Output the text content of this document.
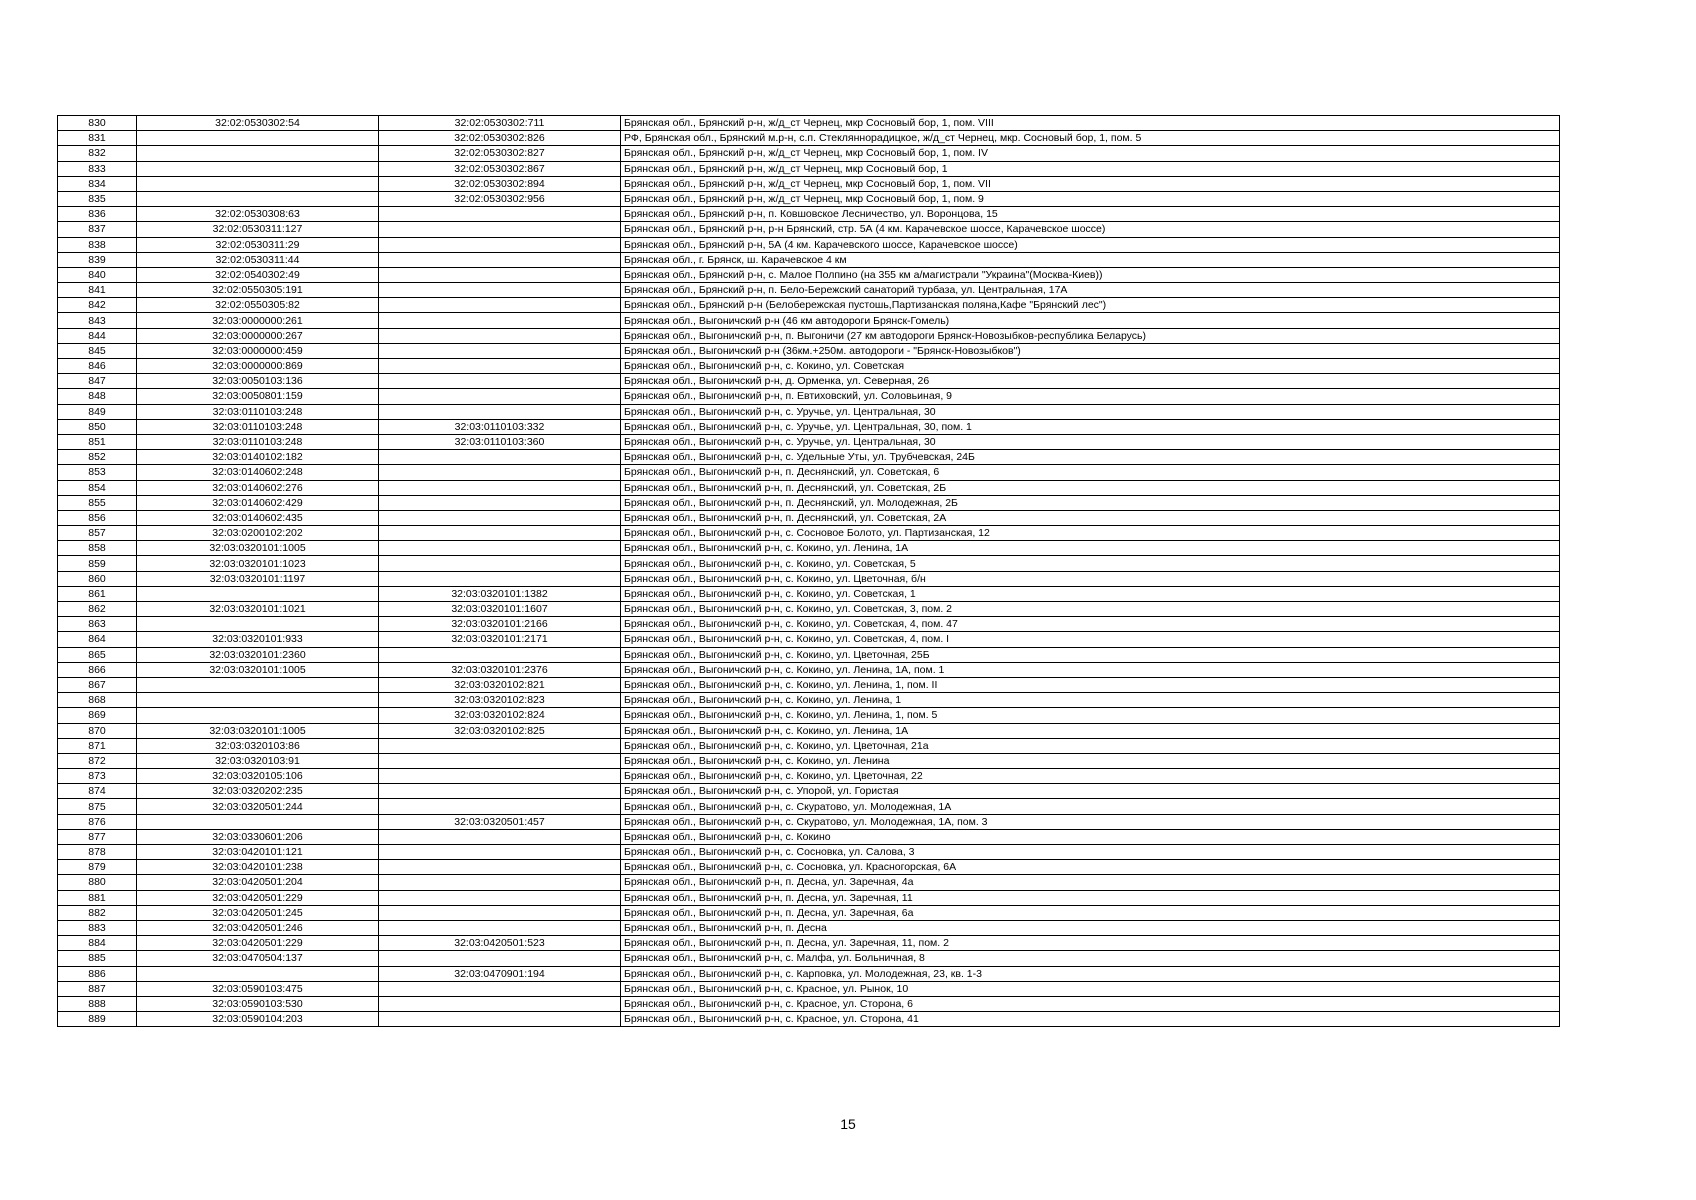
830	32:02:0530302:54	32:02:0530302:711	Брянская обл., Брянский р-н, ж/д_ст Чернец, мкр Сосновый бор, 1, пом. VIII
831		32:02:0530302:826	РФ, Брянская обл., Брянский м.р-н, с.п. Стекляннорадицкое, ж/д_ст Чернец, мкр. Сосновый бор, 1, пом. 5
832		32:02:0530302:827	Брянская обл., Брянский р-н, ж/д_ст Чернец, мкр Сосновый бор, 1, пом. IV
833		32:02:0530302:867	Брянская обл., Брянский р-н, ж/д_ст Чернец, мкр Сосновый бор, 1
834		32:02:0530302:894	Брянская обл., Брянский р-н, ж/д_ст Чернец, мкр Сосновый бор, 1, пом. VII
835		32:02:0530302:956	Брянская обл., Брянский р-н, ж/д_ст Чернец, мкр Сосновый бор, 1, пом. 9
836	32:02:0530308:63		Брянская обл., Брянский р-н, п. Ковшовское Лесничество, ул. Воронцова, 15
837	32:02:0530311:127		Брянская обл., Брянский р-н, р-н Брянский, стр. 5А (4 км. Карачевское шоссе, Карачевское шоссе)
838	32:02:0530311:29		Брянская обл., Брянский р-н, 5А (4 км. Карачевского шоссе, Карачевское шоссе)
839	32:02:0530311:44		Брянская обл., г. Брянск, ш. Карачевское 4 км
840	32:02:0540302:49		Брянская обл., Брянский р-н, с. Малое Полпино (на 355 км а/магистрали "Украина"(Москва-Киев))
841	32:02:0550305:191		Брянская обл., Брянский р-н, п. Бело-Бережский санаторий турбаза, ул. Центральная, 17А
842	32:02:0550305:82		Брянская обл., Брянский р-н (Белобережская пустошь,Партизанская поляна,Кафе "Брянский лес")
843	32:03:0000000:261		Брянская обл., Выгоничский р-н (46 км автодороги Брянск-Гомель)
844	32:03:0000000:267		Брянская обл., Выгоничский р-н, п. Выгоничи (27 км автодороги Брянск-Новозыбков-республика Беларусь)
845	32:03:0000000:459		Брянская обл., Выгоничский р-н (36км.+250м. автодороги - "Брянск-Новозыбков")
846	32:03:0000000:869		Брянская обл., Выгоничский р-н, с. Кокино, ул. Советская
847	32:03:0050103:136		Брянская обл., Выгоничский р-н, д. Орменка, ул. Северная, 26
848	32:03:0050801:159		Брянская обл., Выгоничский р-н, п. Евтиховский, ул. Соловьиная, 9
849	32:03:0110103:248		Брянская обл., Выгоничский р-н, с. Уручье, ул. Центральная, 30
850	32:03:0110103:248	32:03:0110103:332	Брянская обл., Выгоничский р-н, с. Уручье, ул. Центральная, 30, пом. 1
851	32:03:0110103:248	32:03:0110103:360	Брянская обл., Выгоничский р-н, с. Уручье, ул. Центральная, 30
852	32:03:0140102:182		Брянская обл., Выгоничский р-н, с. Удельные Уты, ул. Трубчевская, 24Б
853	32:03:0140602:248		Брянская обл., Выгоничский р-н, п. Деснянский, ул. Советская, 6
854	32:03:0140602:276		Брянская обл., Выгоничский р-н, п. Деснянский, ул. Советская, 2Б
855	32:03:0140602:429		Брянская обл., Выгоничский р-н, п. Деснянский, ул. Молодежная, 2Б
856	32:03:0140602:435		Брянская обл., Выгоничский р-н, п. Деснянский, ул. Советская, 2А
857	32:03:0200102:202		Брянская обл., Выгоничский р-н, с. Сосновое Болото, ул. Партизанская, 12
858	32:03:0320101:1005		Брянская обл., Выгоничский р-н, с. Кокино, ул. Ленина, 1А
859	32:03:0320101:1023		Брянская обл., Выгоничский р-н, с. Кокино, ул. Советская, 5
860	32:03:0320101:1197		Брянская обл., Выгоничский р-н, с. Кокино, ул. Цветочная, б/н
861		32:03:0320101:1382	Брянская обл., Выгоничский р-н, с. Кокино, ул. Советская, 1
862	32:03:0320101:1021	32:03:0320101:1607	Брянская обл., Выгоничский р-н, с. Кокино, ул. Советская, 3, пом. 2
863		32:03:0320101:2166	Брянская обл., Выгоничский р-н, с. Кокино, ул. Советская, 4, пом. 47
864	32:03:0320101:933	32:03:0320101:2171	Брянская обл., Выгоничский р-н, с. Кокино, ул. Советская, 4, пом. I
865	32:03:0320101:2360		Брянская обл., Выгоничский р-н, с. Кокино, ул. Цветочная, 25Б
866	32:03:0320101:1005	32:03:0320101:2376	Брянская обл., Выгоничский р-н, с. Кокино, ул. Ленина, 1А, пом. 1
867		32:03:0320102:821	Брянская обл., Выгоничский р-н, с. Кокино, ул. Ленина, 1, пом. II
868		32:03:0320102:823	Брянская обл., Выгоничский р-н, с. Кокино, ул. Ленина, 1
869		32:03:0320102:824	Брянская обл., Выгоничский р-н, с. Кокино, ул. Ленина, 1, пом. 5
870	32:03:0320101:1005	32:03:0320102:825	Брянская обл., Выгоничский р-н, с. Кокино, ул. Ленина, 1А
871	32:03:0320103:86		Брянская обл., Выгоничский р-н, с. Кокино, ул. Цветочная, 21а
872	32:03:0320103:91		Брянская обл., Выгоничский р-н, с. Кокино, ул. Ленина
873	32:03:0320105:106		Брянская обл., Выгоничский р-н, с. Кокино, ул. Цветочная, 22
874	32:03:0320202:235		Брянская обл., Выгоничский р-н, с. Упорой, ул. Гористая
875	32:03:0320501:244		Брянская обл., Выгоничский р-н, с. Скуратово, ул. Молодежная, 1А
876		32:03:0320501:457	Брянская обл., Выгоничский р-н, с. Скуратово, ул. Молодежная, 1А, пом. 3
877	32:03:0330601:206		Брянская обл., Выгоничский р-н, с. Кокино
878	32:03:0420101:121		Брянская обл., Выгоничский р-н, с. Сосновка, ул. Салова, 3
879	32:03:0420101:238		Брянская обл., Выгоничский р-н, с. Сосновка, ул. Красногорская, 6А
880	32:03:0420501:204		Брянская обл., Выгоничский р-н, п. Десна, ул. Заречная, 4а
881	32:03:0420501:229		Брянская обл., Выгоничский р-н, п. Десна, ул. Заречная, 11
882	32:03:0420501:245		Брянская обл., Выгоничский р-н, п. Десна, ул. Заречная, 6а
883	32:03:0420501:246		Брянская обл., Выгоничский р-н, п. Десна
884	32:03:0420501:229	32:03:0420501:523	Брянская обл., Выгоничский р-н, п. Десна, ул. Заречная, 11, пом. 2
885	32:03:0470504:137		Брянская обл., Выгоничский р-н, с. Малфа, ул. Больничная, 8
886		32:03:0470901:194	Брянская обл., Выгоничский р-н, с. Карповка, ул. Молодежная, 23, кв. 1-3
887	32:03:0590103:475		Брянская обл., Выгоничский р-н, с. Красное, ул. Рынок, 10
888	32:03:0590103:530		Брянская обл., Выгоничский р-н, с. Красное, ул. Сторона, 6
889	32:03:0590104:203		Брянская обл., Выгоничский р-н, с. Красное, ул. Сторона, 41
15
